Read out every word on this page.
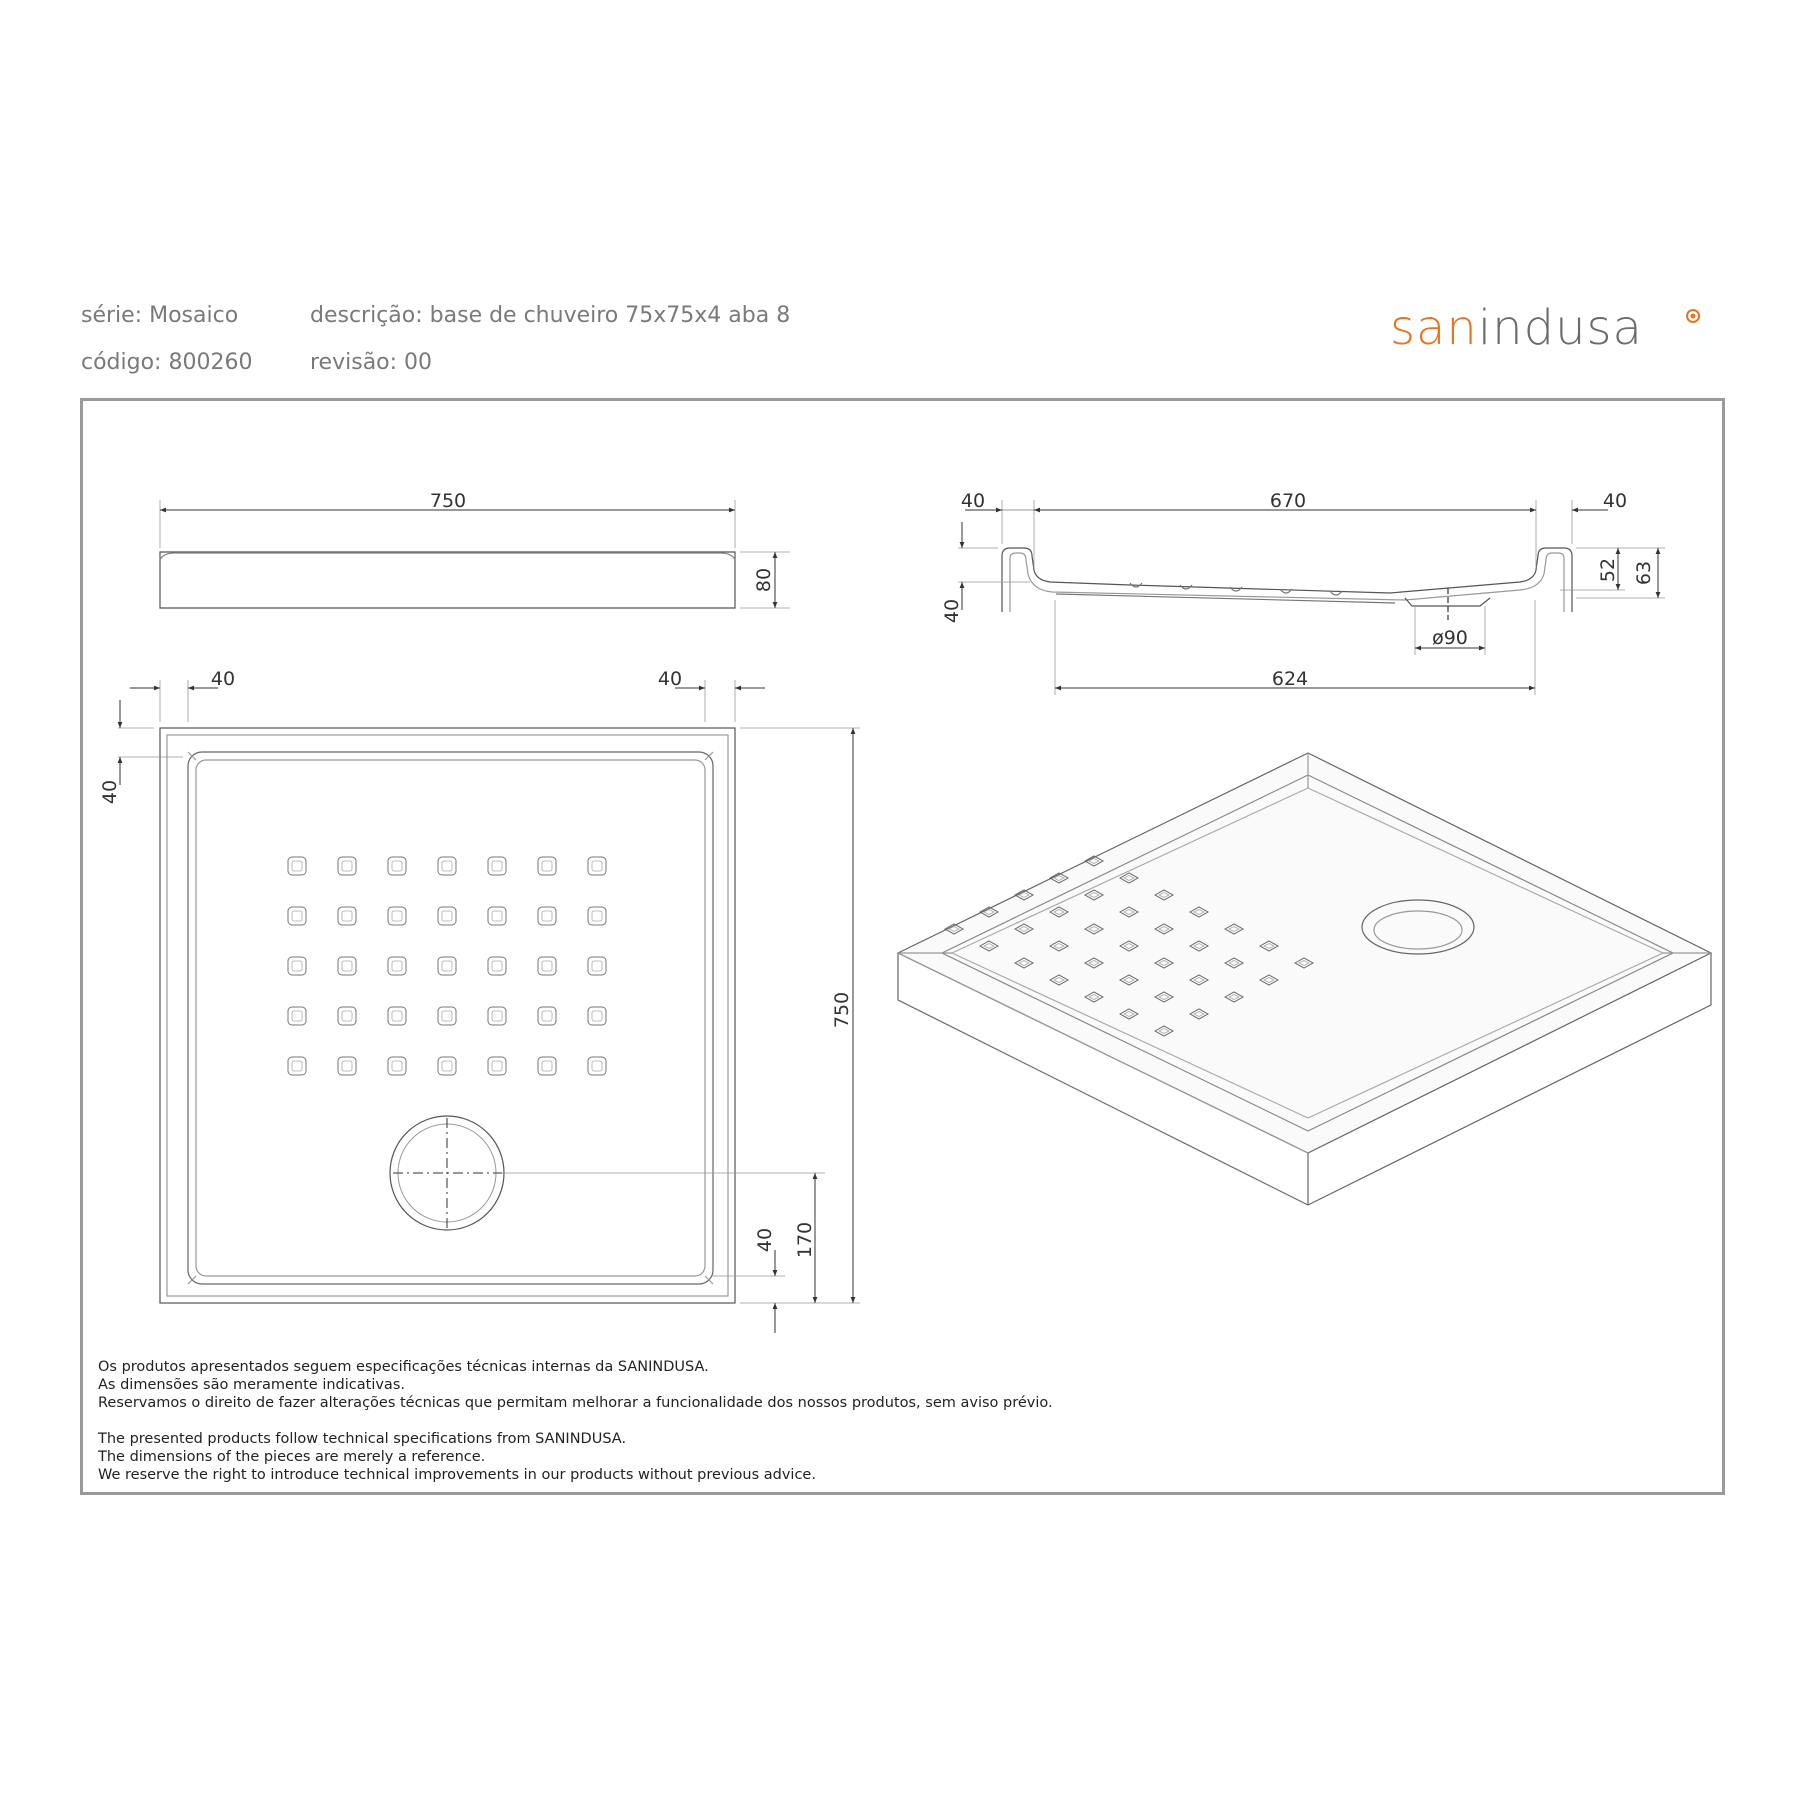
série: Mosaico	descrição: base de chuveiro 75x75x4 aba 8
código: 800260	revisão: 00
sanindusa
750
80
40	40
40
750
170
40
40	670	40
52 63
40
ø90
624

Os produtos apresentados seguem especificações técnicas internas da SANINDUSA.

As dimensões são meramente indicativas.

Reservamos o direito de fazer alterações técnicas que permitam melhorar a funcionalidade dos nossos produtos, sem aviso prévio.

The presented products follow technical specifications from SANINDUSA.

The dimensions of the pieces are merely a reference.

We reserve the right to introduce technical improvements in our products without previous advice.
